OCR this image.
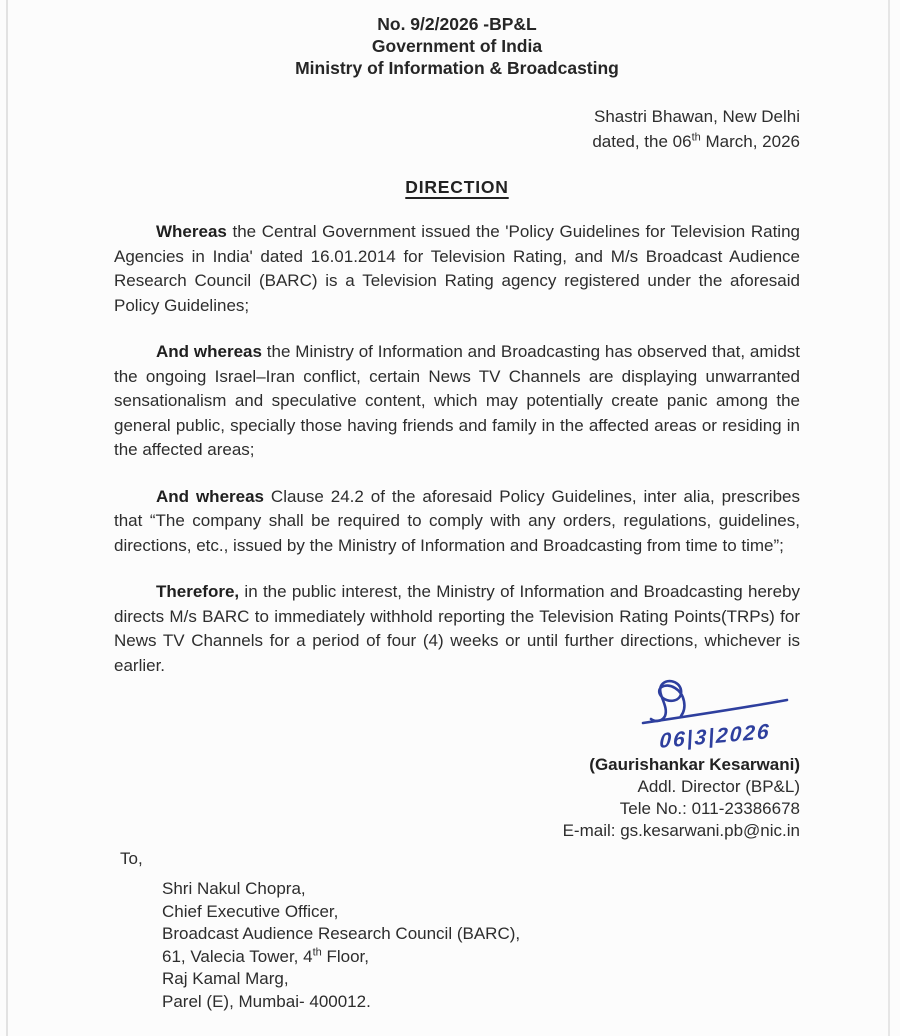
No. 9/2/2026 -BP&L
Government of India
Ministry of Information & Broadcasting
Shastri Bhawan, New Delhi
dated, the 06th March, 2026
DIRECTION

Whereas the Central Government issued the 'Policy Guidelines for Television Rating Agencies in India' dated 16.01.2014 for Television Rating, and M/s Broadcast Audience Research Council (BARC) is a Television Rating agency registered under the aforesaid Policy Guidelines;

And whereas the Ministry of Information and Broadcasting has observed that, amidst the ongoing Israel–Iran conflict, certain News TV Channels are displaying unwarranted sensationalism and speculative content, which may potentially create panic among the general public, specially those having friends and family in the affected areas or residing in the affected areas;

And whereas Clause 24.2 of the aforesaid Policy Guidelines, inter alia, prescribes that “The company shall be required to comply with any orders, regulations, guidelines, directions, etc., issued by the Ministry of Information and Broadcasting from time to time”;

Therefore, in the public interest, the Ministry of Information and Broadcasting hereby directs M/s BARC to immediately withhold reporting the Television Rating Points(TRPs) for News TV Channels for a period of four (4) weeks or until further directions, whichever is earlier.

06|3|2026
(Gaurishankar Kesarwani)
Addl. Director (BP&L)
Tele No.: 011-23386678
E-mail: gs.kesarwani.pb@nic.in
To,
Shri Nakul Chopra,
Chief Executive Officer,
Broadcast Audience Research Council (BARC),
61, Valecia Tower, 4th Floor,
Raj Kamal Marg,
Parel (E), Mumbai- 400012.
